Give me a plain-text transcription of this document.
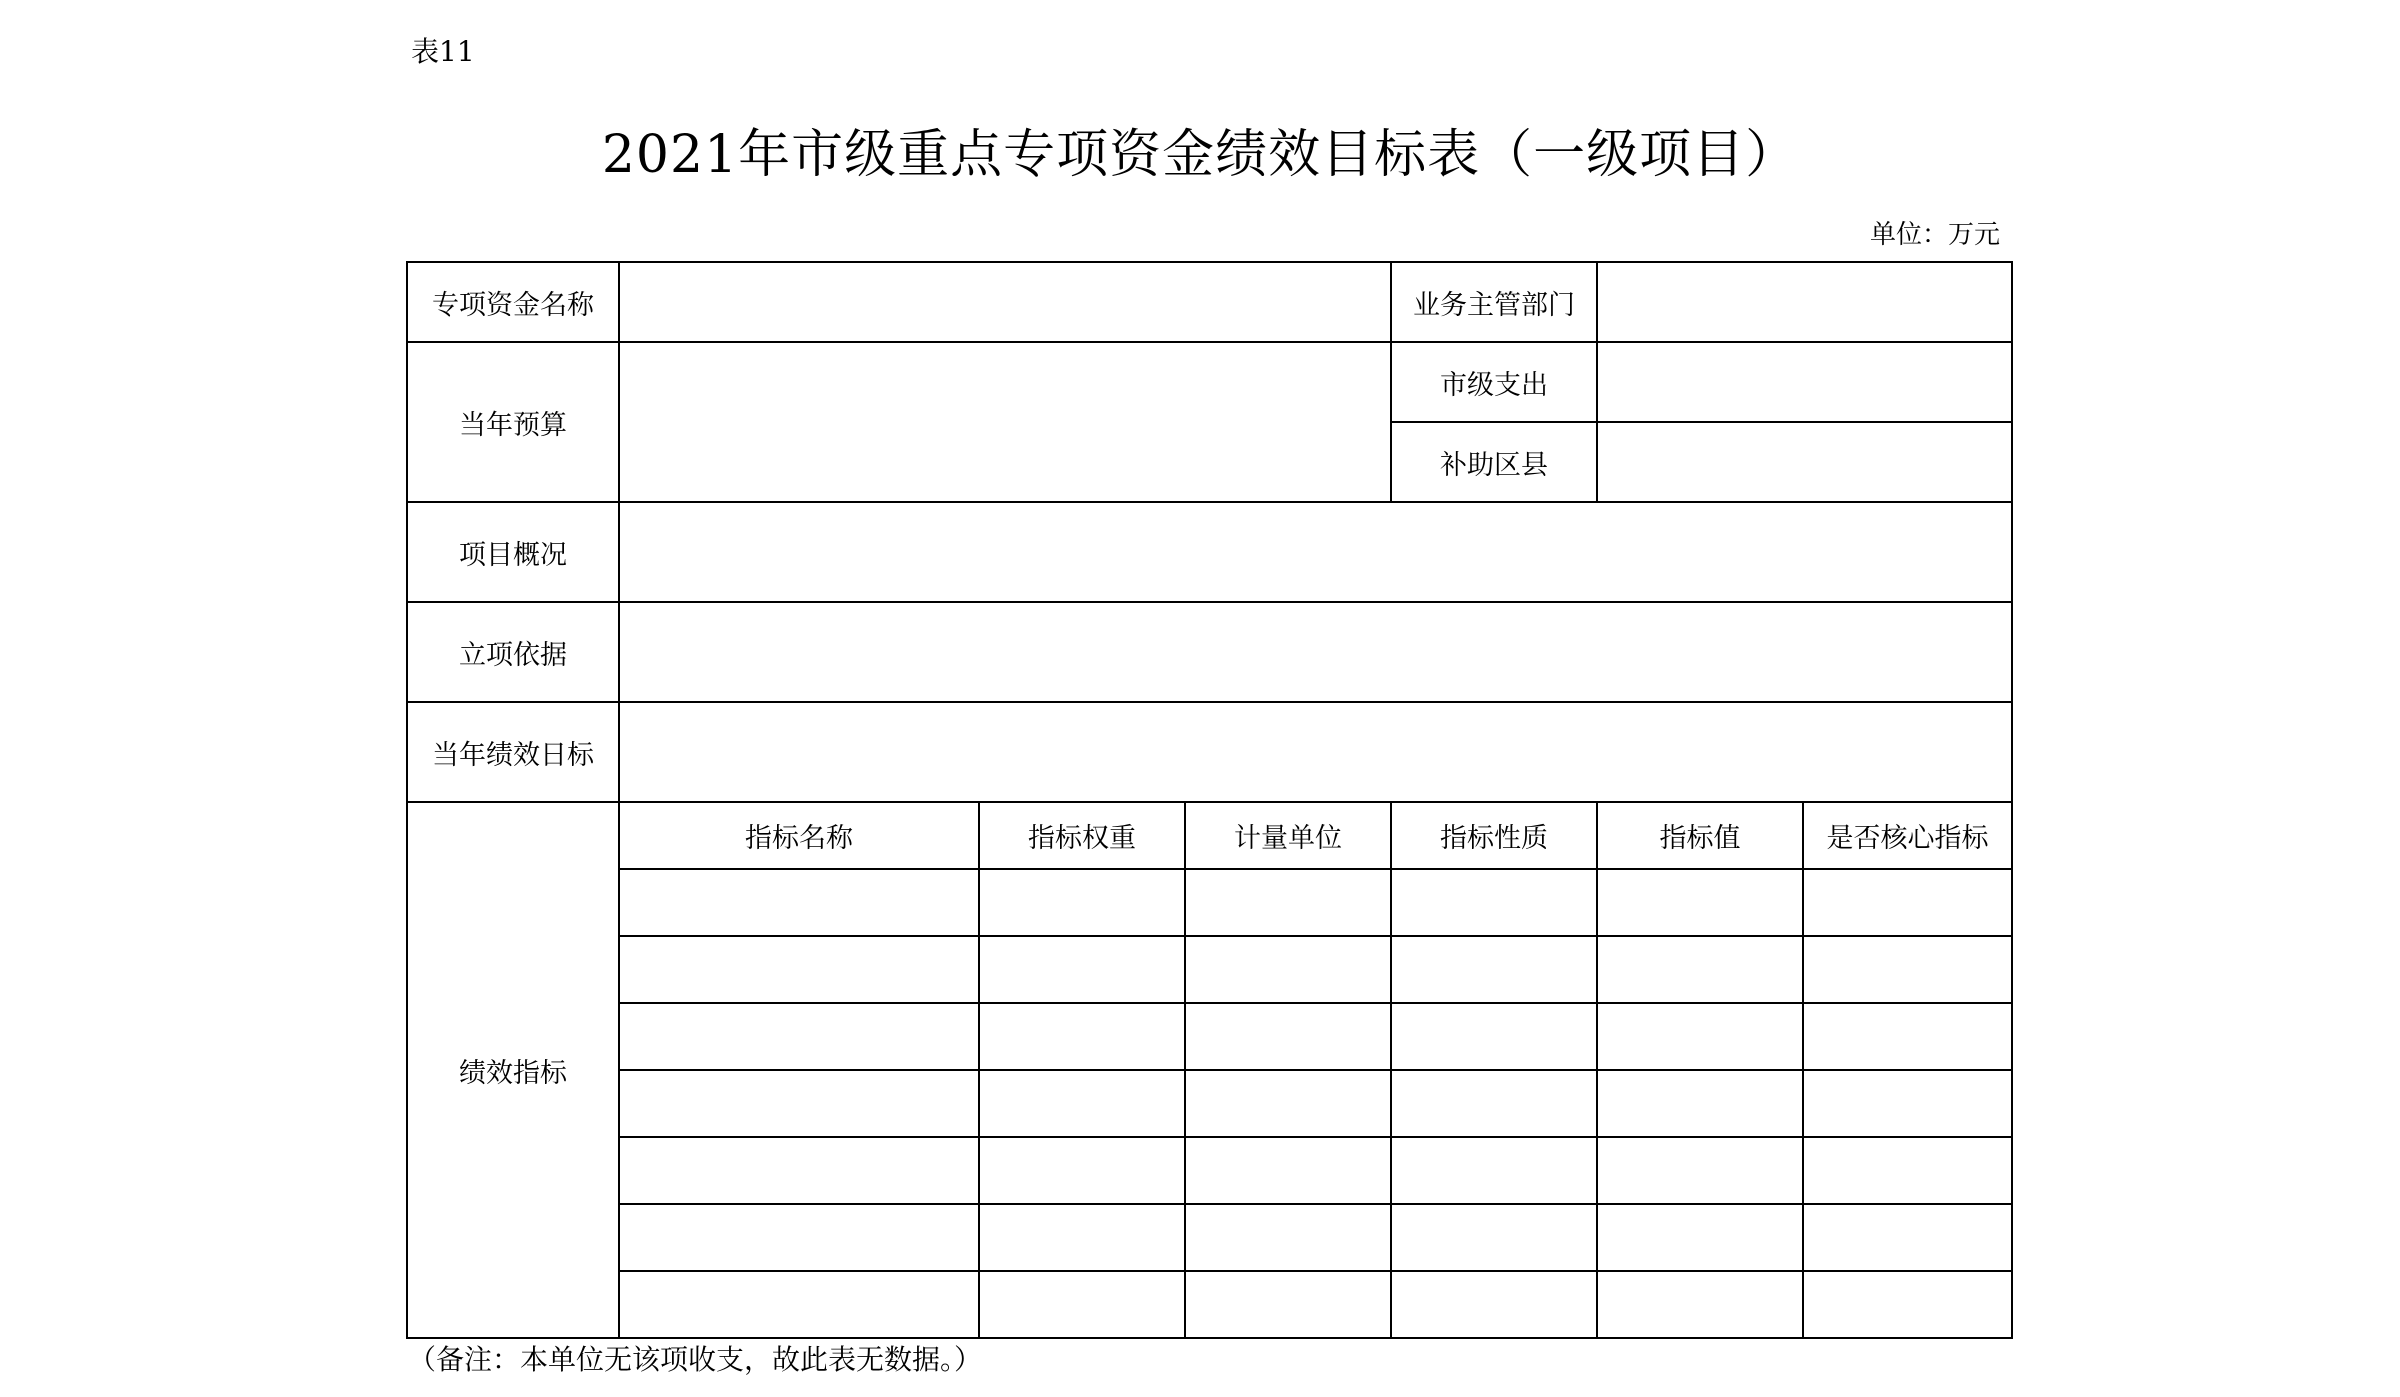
表11
2021年市级重点专项资金绩效目标表（一级项目）
单位：万元
专项资金名称				业务主管部门		
当年预算				市级支出		
				补助区县		
项目概况						
立项依据						
当年绩效日标						
绩效指标	指标名称	指标权重	计量单位	指标性质	指标值	是否核心指标

（备注：本单位无该项收支，故此表无数据。）
